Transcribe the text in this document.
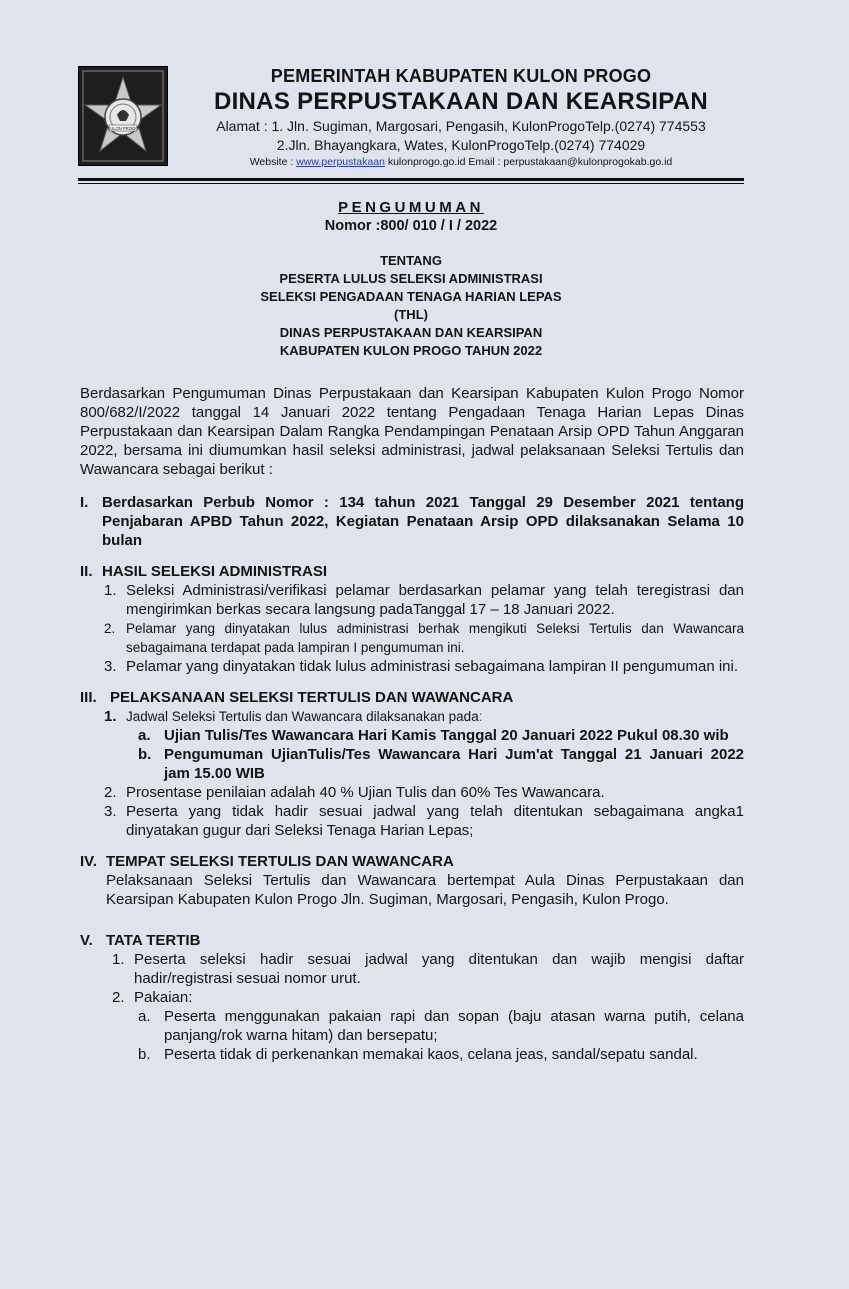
KULON PROGO
PEMERINTAH KABUPATEN KULON PROGO
DINAS PERPUSTAKAAN DAN KEARSIPAN
Alamat : 1. Jln. Sugiman, Margosari, Pengasih, KulonProgoTelp.(0274) 774553
2.Jln. Bhayangkara, Wates, KulonProgoTelp.(0274) 774029
Website : www.perpustakaan kulonprogo.go.id Email : perpustakaan@kulonprogokab.go.id
PENGUMUMAN
Nomor :800/ 010 / I / 2022
TENTANG
PESERTA LULUS SELEKSI ADMINISTRASI
SELEKSI PENGADAAN TENAGA HARIAN LEPAS
(THL)
DINAS PERPUSTAKAAN DAN KEARSIPAN
KABUPATEN KULON PROGO TAHUN 2022
Berdasarkan Pengumuman Dinas Perpustakaan dan Kearsipan Kabupaten Kulon Progo Nomor 800/682/I/2022 tanggal 14 Januari 2022 tentang Pengadaan Tenaga Harian Lepas Dinas Perpustakaan dan Kearsipan Dalam Rangka Pendampingan Penataan Arsip OPD Tahun Anggaran 2022, bersama ini diumumkan hasil seleksi administrasi, jadwal pelaksanaan Seleksi Tertulis dan Wawancara sebagai berikut :
I. Berdasarkan Perbub Nomor : 134 tahun 2021 Tanggal 29 Desember 2021 tentang Penjabaran APBD Tahun 2022, Kegiatan Penataan Arsip OPD dilaksanakan Selama 10 bulan
II. HASIL SELEKSI ADMINISTRASI
1. Seleksi Administrasi/verifikasi pelamar berdasarkan pelamar yang telah teregistrasi dan mengirimkan berkas secara langsung padaTanggal 17 – 18 Januari 2022.
2. Pelamar yang dinyatakan lulus administrasi berhak mengikuti Seleksi Tertulis dan Wawancara sebagaimana terdapat pada lampiran I pengumuman ini.
3. Pelamar yang dinyatakan tidak lulus administrasi sebagaimana lampiran II pengumuman ini.
III. PELAKSANAAN SELEKSI TERTULIS DAN WAWANCARA
1. Jadwal Seleksi Tertulis dan Wawancara dilaksanakan pada:
a. Ujian Tulis/Tes Wawancara Hari Kamis Tanggal 20 Januari 2022 Pukul 08.30 wib
b. Pengumuman UjianTulis/Tes Wawancara Hari Jum'at Tanggal 21 Januari 2022 jam 15.00 WIB
2. Prosentase penilaian adalah 40 % Ujian Tulis dan 60% Tes Wawancara.
3. Peserta yang tidak hadir sesuai jadwal yang telah ditentukan sebagaimana angka1 dinyatakan gugur dari Seleksi Tenaga Harian Lepas;
IV. TEMPAT SELEKSI TERTULIS DAN WAWANCARA
Pelaksanaan Seleksi Tertulis dan Wawancara bertempat Aula Dinas Perpustakaan dan Kearsipan Kabupaten Kulon Progo Jln. Sugiman, Margosari, Pengasih, Kulon Progo.
V. TATA TERTIB
1. Peserta seleksi hadir sesuai jadwal yang ditentukan dan wajib mengisi daftar hadir/registrasi sesuai nomor urut.
2. Pakaian:
a. Peserta menggunakan pakaian rapi dan sopan (baju atasan warna putih, celana panjang/rok warna hitam) dan bersepatu;
b. Peserta tidak di perkenankan memakai kaos, celana jeas, sandal/sepatu sandal.
